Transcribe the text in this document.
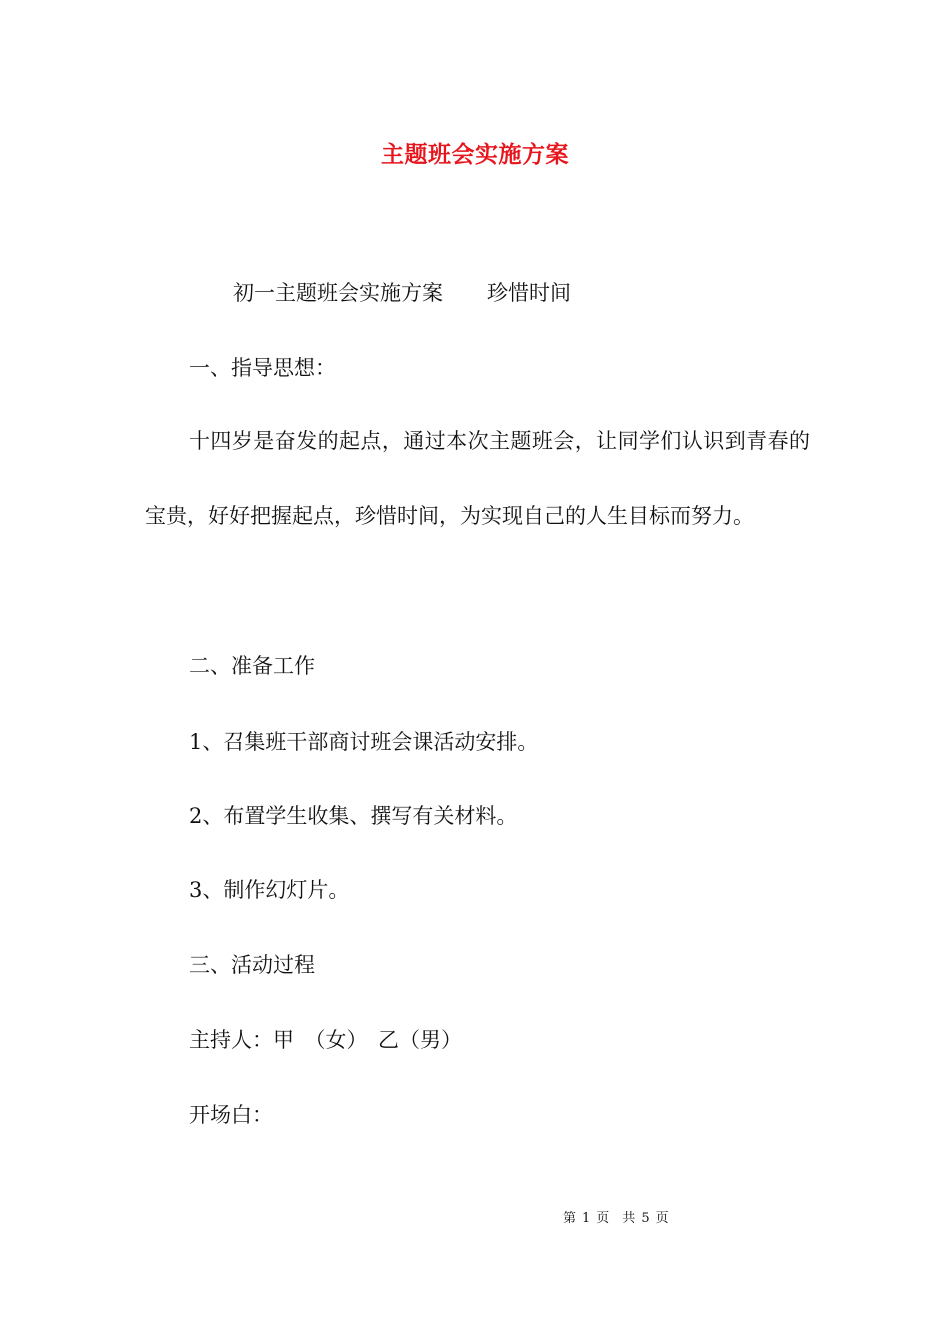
主题班会实施方案
初一主题班会实施方案 珍惜时间
一、指导思想：
十四岁是奋发的起点，通过本次主题班会，让同学们认识到青春的宝贵，好好把握起点，珍惜时间，为实现自己的人生目标而努力。
二、准备工作
1、召集班干部商讨班会课活动安排。
2、布置学生收集、撰写有关材料。
3、制作幻灯片。
三、活动过程
主持人：甲　（女）　乙（男）
开场白：
第 1 页　共 5 页
